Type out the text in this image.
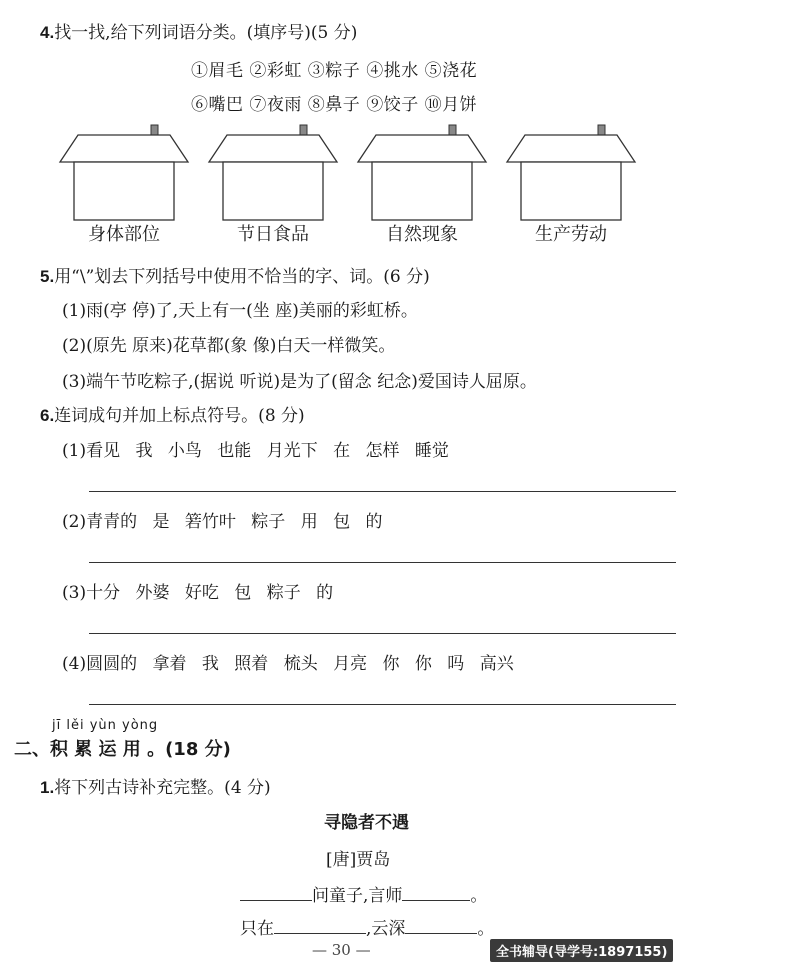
4.找一找,给下列词语分类。(填序号)(5 分)
①眉毛 ②彩虹 ③粽子 ④挑水 ⑤浇花
⑥嘴巴 ⑦夜雨 ⑧鼻子 ⑨饺子 ⑩月饼
身体部位	节日食品	自然现象	生产劳动
5.用“\”划去下列括号中使用不恰当的字、词。(6 分)
(1)雨(亭 停)了,天上有一(坐 座)美丽的彩虹桥。
(2)(原先 原来)花草都(象 像)白天一样微笑。
(3)端午节吃粽子,(据说 听说)是为了(留念 纪念)爱国诗人屈原。
6.连词成句并加上标点符号。(8 分)
(1)看见 我 小鸟 也能 月光下 在 怎样 睡觉
(2)青青的 是 箬竹叶 粽子 用 包 的
(3)十分 外婆 好吃 包 粽子 的
(4)圆圆的 拿着 我 照着 梳头 月亮 你 你 吗 高兴
jī lěi yùn yòng
二、积 累 运 用 。(18 分)
1.将下列古诗补充完整。(4 分)
寻隐者不遇
[唐]贾岛
问童子,言师	。
只在	,云深	。
— 30 —	全书辅导(导学号:1897155)
